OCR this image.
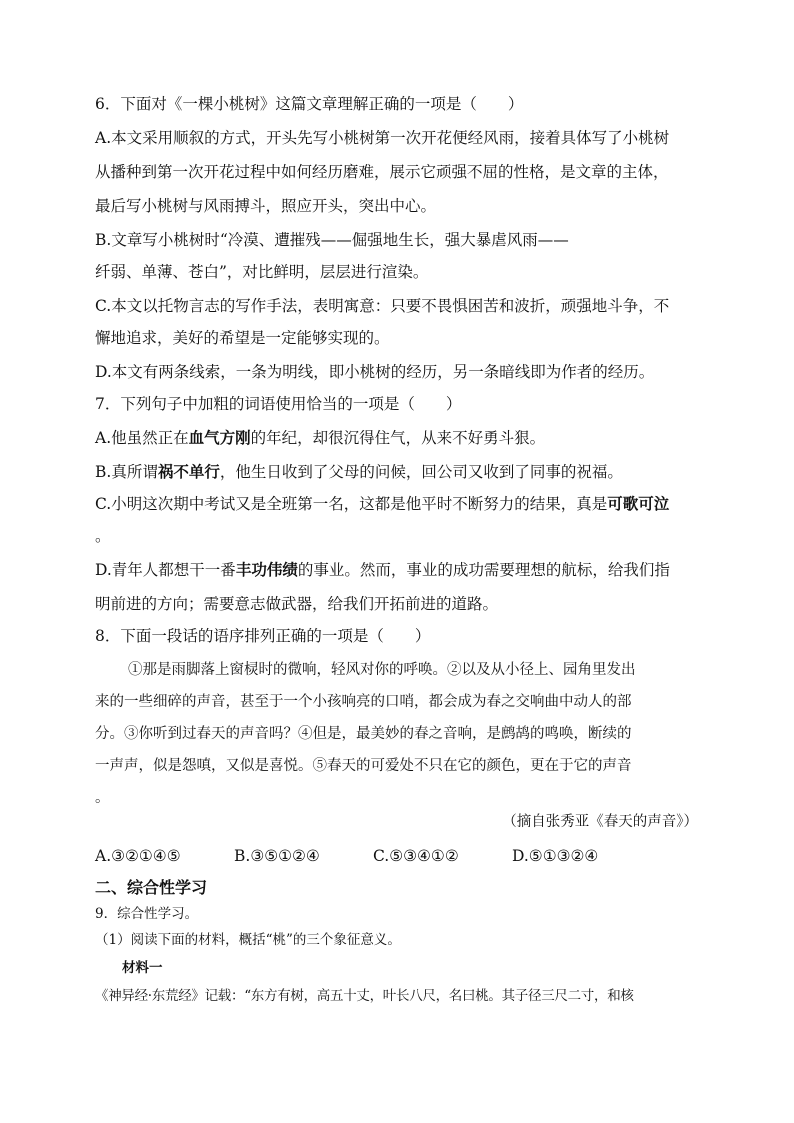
6．下面对《一棵小桃树》这篇文章理解正确的一项是（　　）
A.本文采用顺叙的方式，开头先写小桃树第一次开花便经风雨，接着具体写了小桃树
从播种到第一次开花过程中如何经历磨难，展示它顽强不屈的性格，是文章的主体，
最后写小桃树与风雨搏斗，照应开头，突出中心。
B.文章写小桃树时“冷漠、遭摧残——倔强地生长，强大暴虐风雨——
纤弱、单薄、苍白”，对比鲜明，层层进行渲染。
C.本文以托物言志的写作手法，表明寓意：只要不畏惧困苦和波折，顽强地斗争，不
懈地追求，美好的希望是一定能够实现的。
D.本文有两条线索，一条为明线，即小桃树的经历，另一条暗线即为作者的经历。
7．下列句子中加粗的词语使用恰当的一项是（　　）
A.他虽然正在血气方刚的年纪，却很沉得住气，从来不好勇斗狠。
B.真所谓祸不单行，他生日收到了父母的问候，回公司又收到了同事的祝福。
C.小明这次期中考试又是全班第一名，这都是他平时不断努力的结果，真是可歌可泣
。
D.青年人都想干一番丰功伟绩的事业。然而，事业的成功需要理想的航标，给我们指
明前进的方向；需要意志做武器，给我们开拓前进的道路。
8．下面一段话的语序排列正确的一项是（　　）
①那是雨脚落上窗棂时的微响，轻风对你的呼唤。②以及从小径上、园角里发出
来的一些细碎的声音，甚至于一个小孩响亮的口哨，都会成为春之交响曲中动人的部
分。③你听到过春天的声音吗？④但是，最美妙的春之音响，是鹧鸪的鸣唤，断续的
一声声，似是怨嗔，又似是喜悦。⑤春天的可爱处不只在它的颜色，更在于它的声音
。
（摘自张秀亚《春天的声音》）
A.③②①④⑤	B.③⑤①②④	C.⑤③④①②	D.⑤①③②④
二、综合性学习
9．综合性学习。
（1）阅读下面的材料，概括“桃”的三个象征意义。
材料一
《神异经·东荒经》记载：“东方有树，高五十丈，叶长八尺，名曰桃。其子径三尺二寸，和核
